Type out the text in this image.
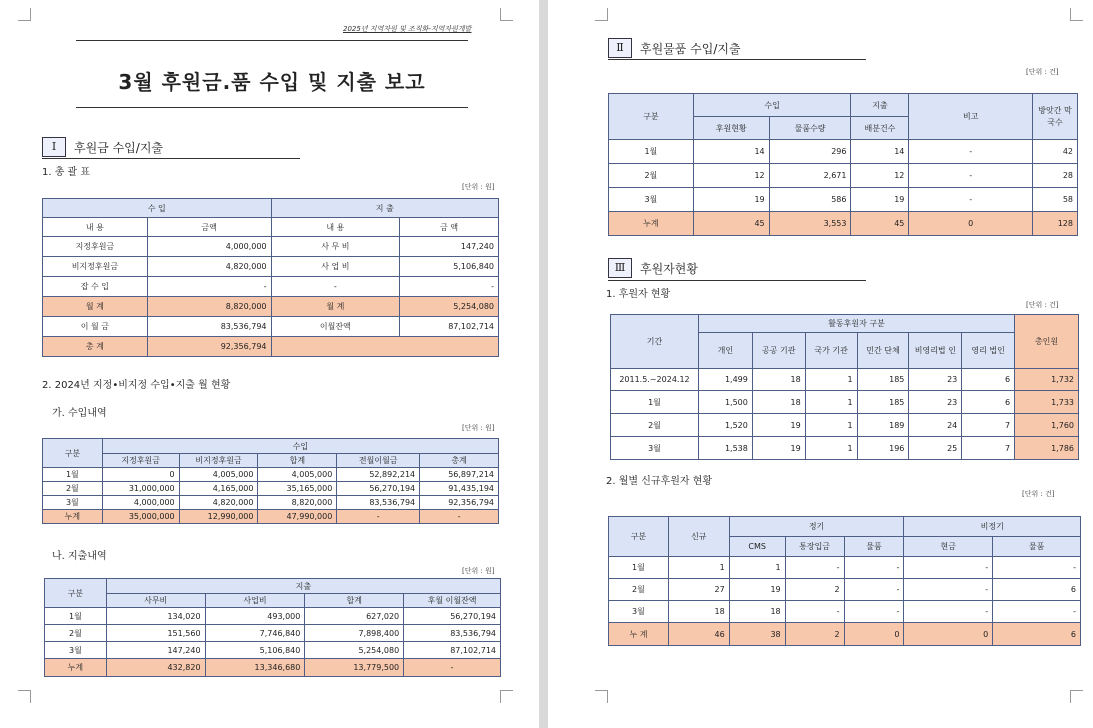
2025년 지역자원 및 조직화-지역자원개발
3월 후원금.품 수입 및 지출 보고
Ⅰ	후원금 수입/지출
1. 총 괄 표
[단위 : 원]
수 입		지 출	
내 용	금액	내 용	금 액
지정후원금	4,000,000	사 무 비	147,240
비지정후원금	4,820,000	사 업 비	5,106,840
잡 수 입	-	-	-
월 계	8,820,000	월 계	5,254,080
이 월 금	83,536,794	이월잔액	87,102,714
총 계	92,356,794		
2. 2024년 지정•비지정 수입•지출 월 현황
가. 수입내역
[단위 : 원]
구분	수입				
	지정후원금	비지정후원금	합계	전월이월금	총계
1월	0	4,005,000	4,005,000	52,892,214	56,897,214
2월	31,000,000	4,165,000	35,165,000	56,270,194	91,435,194
3월	4,000,000	4,820,000	8,820,000	83,536,794	92,356,794
누계	35,000,000	12,990,000	47,990,000	-	-
나. 지출내역
[단위 : 원]
구분	지출			
	사무비	사업비	합계	후월 이월잔액
1월	134,020	493,000	627,020	56,270,194
2월	151,560	7,746,840	7,898,400	83,536,794
3월	147,240	5,106,840	5,254,080	87,102,714
누계	432,820	13,346,680	13,779,500	-
Ⅱ	후원물품 수입/지출
[단위 : 건]
구분	수입		지출	비고	방앗간 막국수
	후원현황	물품수량	배분건수		
1월	14	296	14	-	42
2월	12	2,671	12	-	28
3월	19	586	19	-	58
누계	45	3,553	45	0	128
Ⅲ	후원자현황
1. 후원자 현황
[단위 : 건]
기간	활동후원자 구분						총인원
	개인	공공 기관	국가 기관	민간 단체	비영리법 인	영리 법인	
2011.5.~2024.12	1,499	18	1	185	23	6	1,732
1월	1,500	18	1	185	23	6	1,733
2월	1,520	19	1	189	24	7	1,760
3월	1,538	19	1	196	25	7	1,786
2. 월별 신규후원자 현황
[단위 : 건]
구분	신규	정기			비정기	
		CMS	통장입금	물품	현금	물품
1월	1	1	-	-	-	-
2월	27	19	2	-	-	6
3월	18	18	-	-	-	-
누 계	46	38	2	0	0	6
